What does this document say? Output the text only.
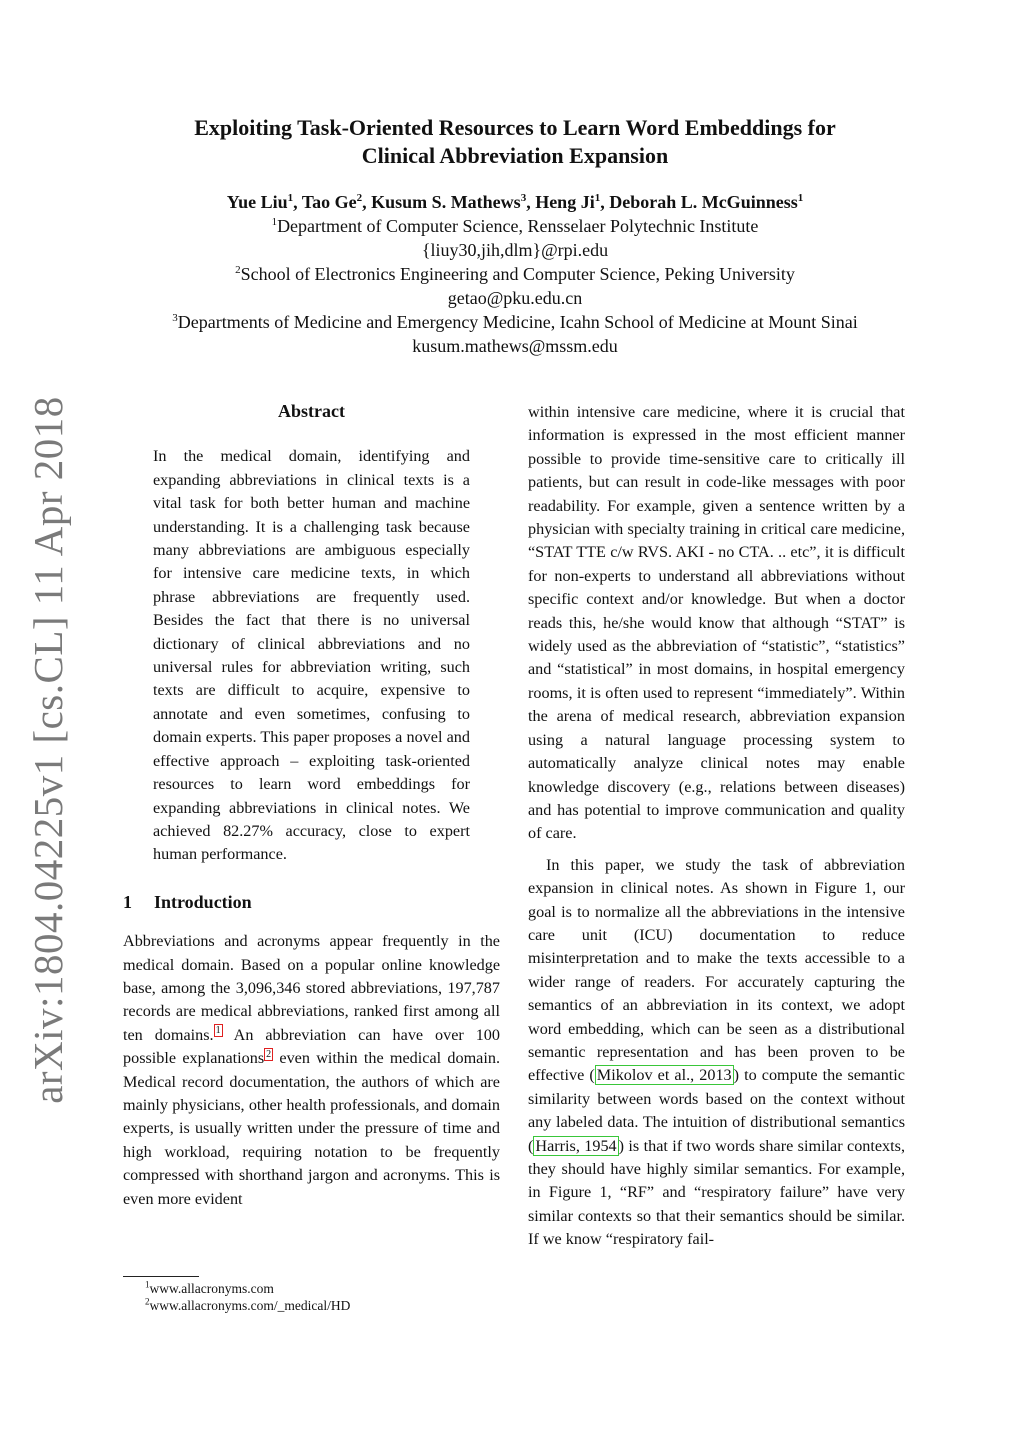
arXiv:1804.04225v1 [cs.CL] 11 Apr 2018
Exploiting Task-Oriented Resources to Learn Word Embeddings for
Clinical Abbreviation Expansion
Yue Liu$^1$, Tao Ge$^2$, Kusum S. Mathews$^3$, Heng Ji$^1$, Deborah L. McGuinness$^1$
$^1$Department of Computer Science, Rensselaer Polytechnic Institute
{liuy30,jih,dlm}@rpi.edu
$^2$School of Electronics Engineering and Computer Science, Peking University
getao@pku.edu.cn
$^3$Departments of Medicine and Emergency Medicine, Icahn School of Medicine at Mount Sinai
kusum.mathews@mssm.edu
Abstract

In the medical domain, identifying and expanding abbreviations in clinical texts is a vital task for both better human and machine understanding. It is a challenging task because many abbreviations are ambiguous especially for intensive care medicine texts, in which phrase abbreviations are frequently used. Besides the fact that there is no universal dictionary of clinical abbreviations and no universal rules for abbreviation writing, such texts are difficult to acquire, expensive to annotate and even sometimes, confusing to domain experts. This paper proposes a novel and effective approach – exploiting task-oriented resources to learn word embeddings for expanding abbreviations in clinical notes. We achieved 82.27% accuracy, close to expert human performance.

1 Introduction

Abbreviations and acronyms appear frequently in the medical domain. Based on a popular online knowledge base, among the 3,096,346 stored abbreviations, 197,787 records are medical abbreviations, ranked first among all ten domains. $^1$ An abbreviation can have over 100 possible explanations $^2$ even within the medical domain. Medical record documentation, the authors of which are mainly physicians, other health professionals, and domain experts, is usually written under the pressure of time and high workload, requiring notation to be frequently compressed with shorthand jargon and acronyms. This is even more evident

within intensive care medicine, where it is crucial that information is expressed in the most efficient manner possible to provide time-sensitive care to critically ill patients, but can result in code-like messages with poor readability. For example, given a sentence written by a physician with specialty training in critical care medicine, “STAT TTE c/w RVS. AKI - no CTA. .. etc”, it is difficult for non-experts to understand all abbreviations without specific context and/or knowledge. But when a doctor reads this, he/she would know that although “STAT” is widely used as the abbreviation of “statistic”, “statistics” and “statistical” in most domains, in hospital emergency rooms, it is often used to represent “immediately”. Within the arena of medical research, abbreviation expansion using a natural language processing system to automatically analyze clinical notes may enable knowledge discovery (e.g., relations between diseases) and has potential to improve communication and quality of care.

In this paper, we study the task of abbreviation expansion in clinical notes. As shown in Figure 1, our goal is to normalize all the abbreviations in the intensive care unit (ICU) documentation to reduce misinterpretation and to make the texts accessible to a wider range of readers. For accurately capturing the semantics of an abbreviation in its context, we adopt word embedding, which can be seen as a distributional semantic representation and has been proven to be effective ( Mikolov et al., 2013 ) to compute the semantic similarity between words based on the context without any labeled data. The intuition of distributional semantics ( Harris, 1954 ) is that if two words share similar contexts, they should have highly similar semantics. For example, in Figure 1, “RF” and “respiratory failure” have very similar contexts so that their semantics should be similar. If we know “respiratory fail-

$^1$www.allacronyms.com
$^2$www.allacronyms.com/_medical/HD
